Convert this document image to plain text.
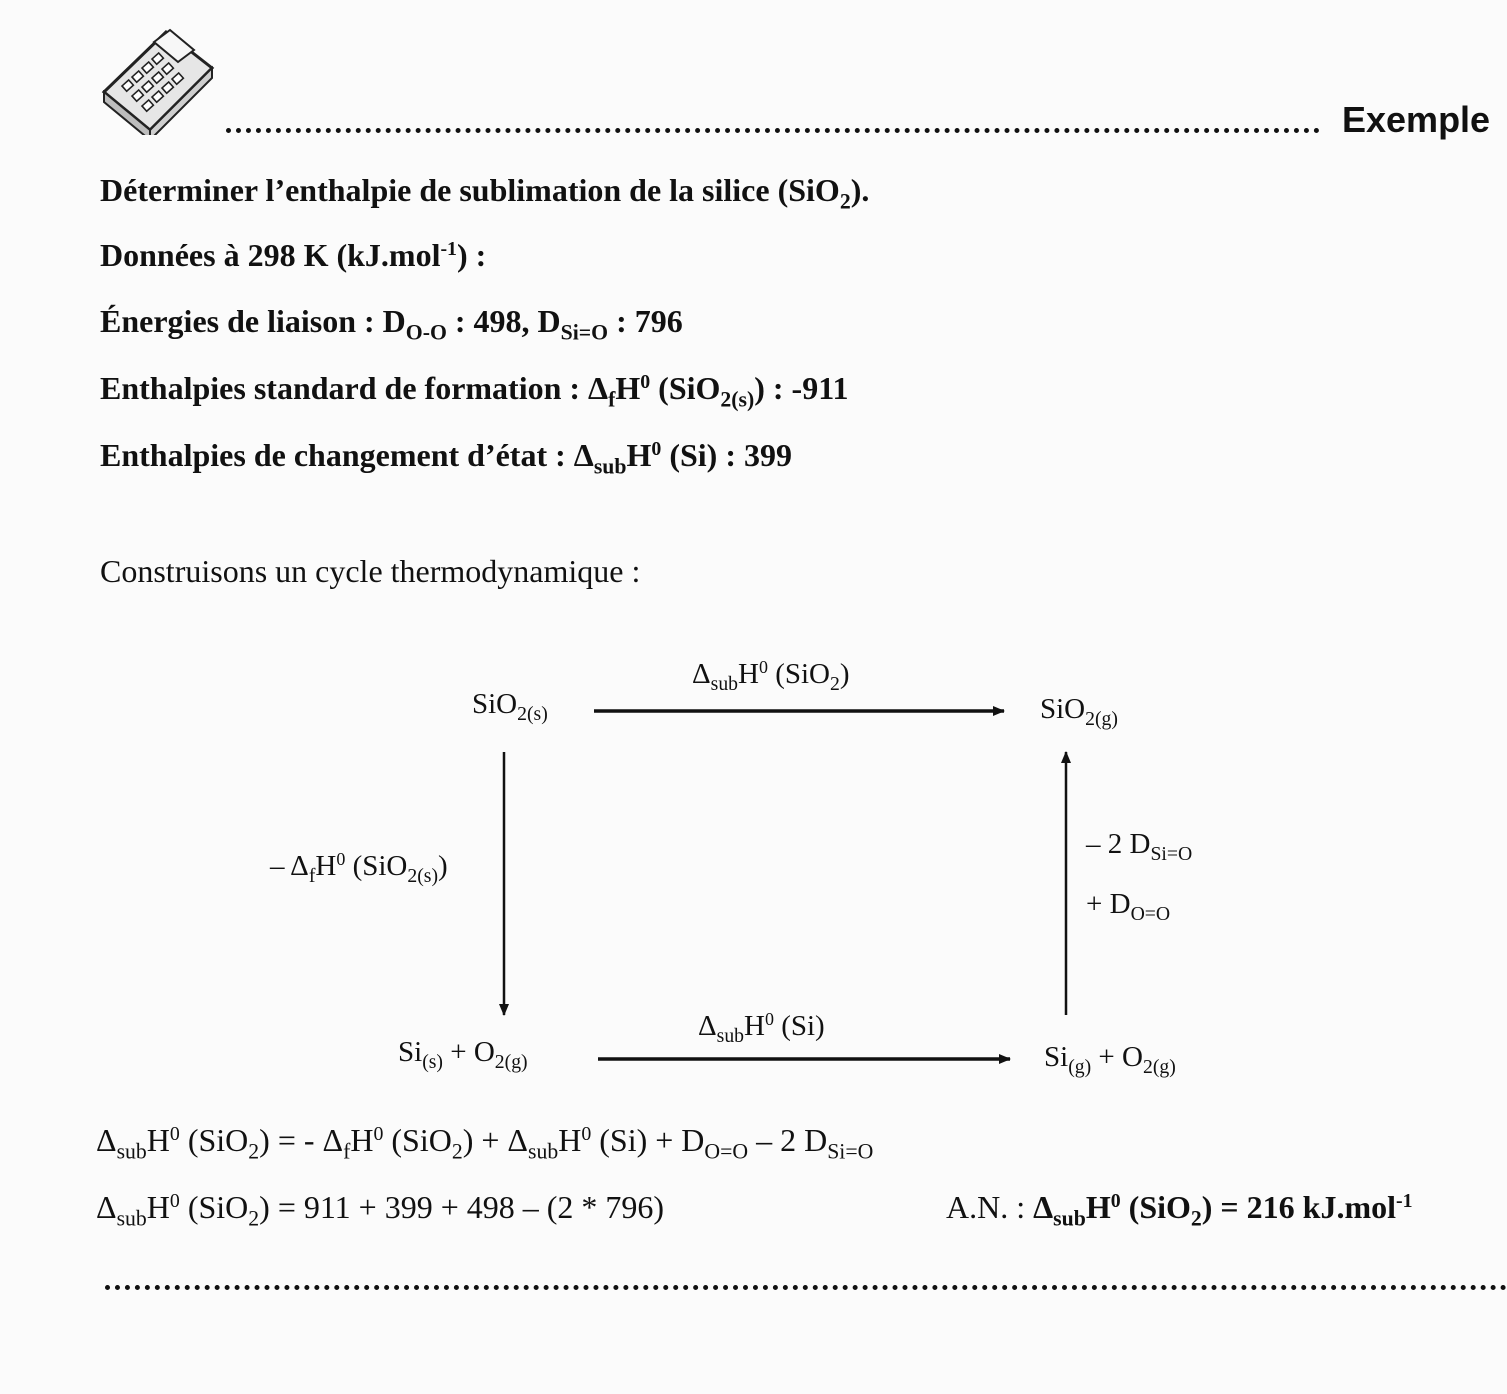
Exemple
Déterminer l’enthalpie de sublimation de la silice (SiO$_2$).
Données à 298 K (kJ.mol$^{-1}$) :
Énergies de liaison : $D_{O-O}$ : 498, $D_{Si=O}$ : 796
Enthalpies standard de formation : $\Delta_fH^0$ (SiO$_{2(s)}$) : -911
Enthalpies de changement d’état : $\Delta_{sub}H^0$ (Si) : 399
Construisons un cycle thermodynamique :
SiO$_{2(s)}$	SiO$_{2(g)}$
$Si_{(s)} + O_{2(g)}$	$Si_{(g)} + O_{2(g)}$
$\Delta_{sub}H^0$ (SiO$_2$)
$\Delta_{sub}H^0$ (Si)
– $\Delta_fH^0$ (SiO$_{2(s)}$)
– 2 $D_{Si=O}$
+ $D_{O=O}$
$\Delta_{sub}H^0$ (SiO$_2$) = - $\Delta_fH^0$ $(SiO_2) + \Delta_{sub}H^0$ $(Si) + D_{O=O} - 2$ $D_{Si=O}$
$\Delta_{sub}H^0$ (SiO$_2$) = 911 + 399 + 498 – (2 * 796)	A.N. : $\Delta_{sub}H^0$ (SiO$_2$) = 216 kJ.mol$^{-1}$
